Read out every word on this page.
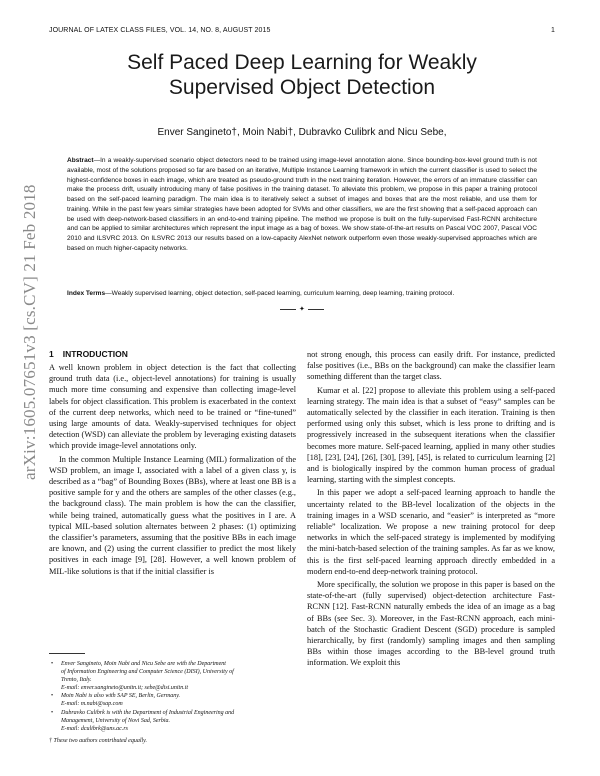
JOURNAL OF LATEX CLASS FILES, VOL. 14, NO. 8, AUGUST 2015	1
Self Paced Deep Learning for Weakly
Supervised Object Detection
Enver Sangineto†, Moin Nabi†, Dubravko Culibrk and Nicu Sebe,
Abstract—In a weakly-supervised scenario object detectors need to be trained using image-level annotation alone. Since bounding-box-level ground truth is not available, most of the solutions proposed so far are based on an iterative, Multiple Instance Learning framework in which the current classifier is used to select the highest-confidence boxes in each image, which are treated as pseudo-ground truth in the next training iteration. However, the errors of an immature classifier can make the process drift, usually introducing many of false positives in the training dataset. To alleviate this problem, we propose in this paper a training protocol based on the self-paced learning paradigm. The main idea is to iteratively select a subset of images and boxes that are the most reliable, and use them for training. While in the past few years similar strategies have been adopted for SVMs and other classifiers, we are the first showing that a self-paced approach can be used with deep-network-based classifiers in an end-to-end training pipeline. The method we propose is built on the fully-supervised Fast-RCNN architecture and can be applied to similar architectures which represent the input image as a bag of boxes. We show state-of-the-art results on Pascal VOC 2007, Pascal VOC 2010 and ILSVRC 2013. On ILSVRC 2013 our results based on a low-capacity AlexNet network outperform even those weakly-supervised approaches which are based on much higher-capacity networks.
Index Terms—Weakly supervised learning, object detection, self-paced learning, curriculum learning, deep learning, training protocol.
✦
arXiv:1605.07651v3 [cs.CV] 21 Feb 2018 1 INTRODUCTION

A well known problem in object detection is the fact that collecting ground truth data (i.e., object-level annotations) for training is usually much more time consuming and expensive than collecting image-level labels for object classification. This problem is exacerbated in the context of the current deep networks, which need to be trained or “fine-tuned” using large amounts of data. Weakly-supervised techniques for object detection (WSD) can alleviate the problem by leveraging existing datasets which provide image-level annotations only.

In the common Multiple Instance Learning (MIL) formalization of the WSD problem, an image I, associated with a label of a given class y, is described as a “bag” of Bounding Boxes (BBs), where at least one BB is a positive sample for y and the others are samples of the other classes (e.g., the background class). The main problem is how the can the classifier, while being trained, automatically guess what the positives in I are. A typical MIL-based solution alternates between 2 phases: (1) optimizing the classifier’s parameters, assuming that the positive BBs in each image are known, and (2) using the current classifier to predict the most likely positives in each image [9], [28]. However, a well known problem of MIL-like solutions is that if the initial classifier is

not strong enough, this process can easily drift. For instance, predicted false positives (i.e., BBs on the background) can make the classifier learn something different than the target class.

Kumar et al. [22] propose to alleviate this problem using a self-paced learning strategy. The main idea is that a subset of “easy” samples can be automatically selected by the classifier in each iteration. Training is then performed using only this subset, which is less prone to drifting and is progressively increased in the subsequent iterations when the classifier becomes more mature. Self-paced learning, applied in many other studies [18], [23], [24], [26], [30], [39], [45], is related to curriculum learning [2] and is biologically inspired by the common human process of gradual learning, starting with the simplest concepts.

In this paper we adopt a self-paced learning approach to handle the uncertainty related to the BB-level localization of the objects in the training images in a WSD scenario, and “easier” is interpreted as “more reliable” localization. We propose a new training protocol for deep networks in which the self-paced strategy is implemented by modifying the mini-batch-based selection of the training samples. As far as we know, this is the first self-paced learning approach directly embedded in a modern end-to-end deep-network training protocol.

More specifically, the solution we propose in this paper is based on the state-of-the-art (fully supervised) object-detection architecture Fast-RCNN [12]. Fast-RCNN naturally embeds the idea of an image as a bag of BBs (see Sec. 3). Moreover, in the Fast-RCNN approach, each mini-batch of the Stochastic Gradient Descent (SGD) procedure is sampled hierarchically, by first (randomly) sampling images and then sampling BBs within those images according to the BB-level ground truth information. We exploit this

• Enver Sangineto, Moin Nabi and Nicu Sebe are with the Department
of Information Engineering and Computer Science (DISI), University of
Trento, Italy.
E-mail: enver.sangineto@unitn.it; sebe@disi.unitn.it
• Moin Nabi is also with SAP SE, Berlin, Germany.
E-mail: m.nabi@sap.com
• Dubravko Culibrk is with the Department of Industrial Engineering and
Management, University of Novi Sad, Serbia.
E-mail: dculibrk@uns.ac.rs
† These two authors contributed equally.
